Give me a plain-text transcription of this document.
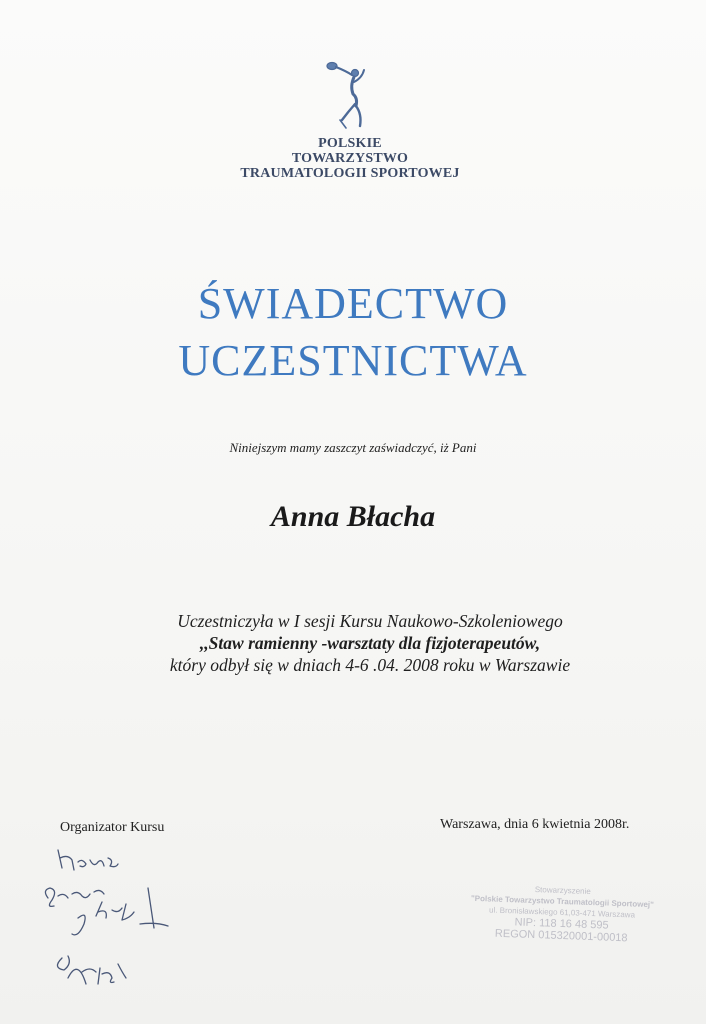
POLSKIE
TOWARZYSTWO
TRAUMATOLOGII SPORTOWEJ
ŚWIADECTWO
UCZESTNICTWA
Niniejszym mamy zaszczyt zaświadczyć, iż Pani
Anna Błacha
Uczestniczyła w I sesji Kursu Naukowo-Szkoleniowego
,,Staw ramienny -warsztaty dla fizjoterapeutów,
który odbył się w dniach 4-6 .04. 2008 roku w Warszawie
Organizator Kursu	Warszawa, dnia 6 kwietnia 2008r.
Stowarzyszenie
"Polskie Towarzystwo Traumatologii Sportowej"
ul. Bronisławskiego 61,03-471 Warszawa
NIP: 118 16 48 595
REGON 015320001-00018
